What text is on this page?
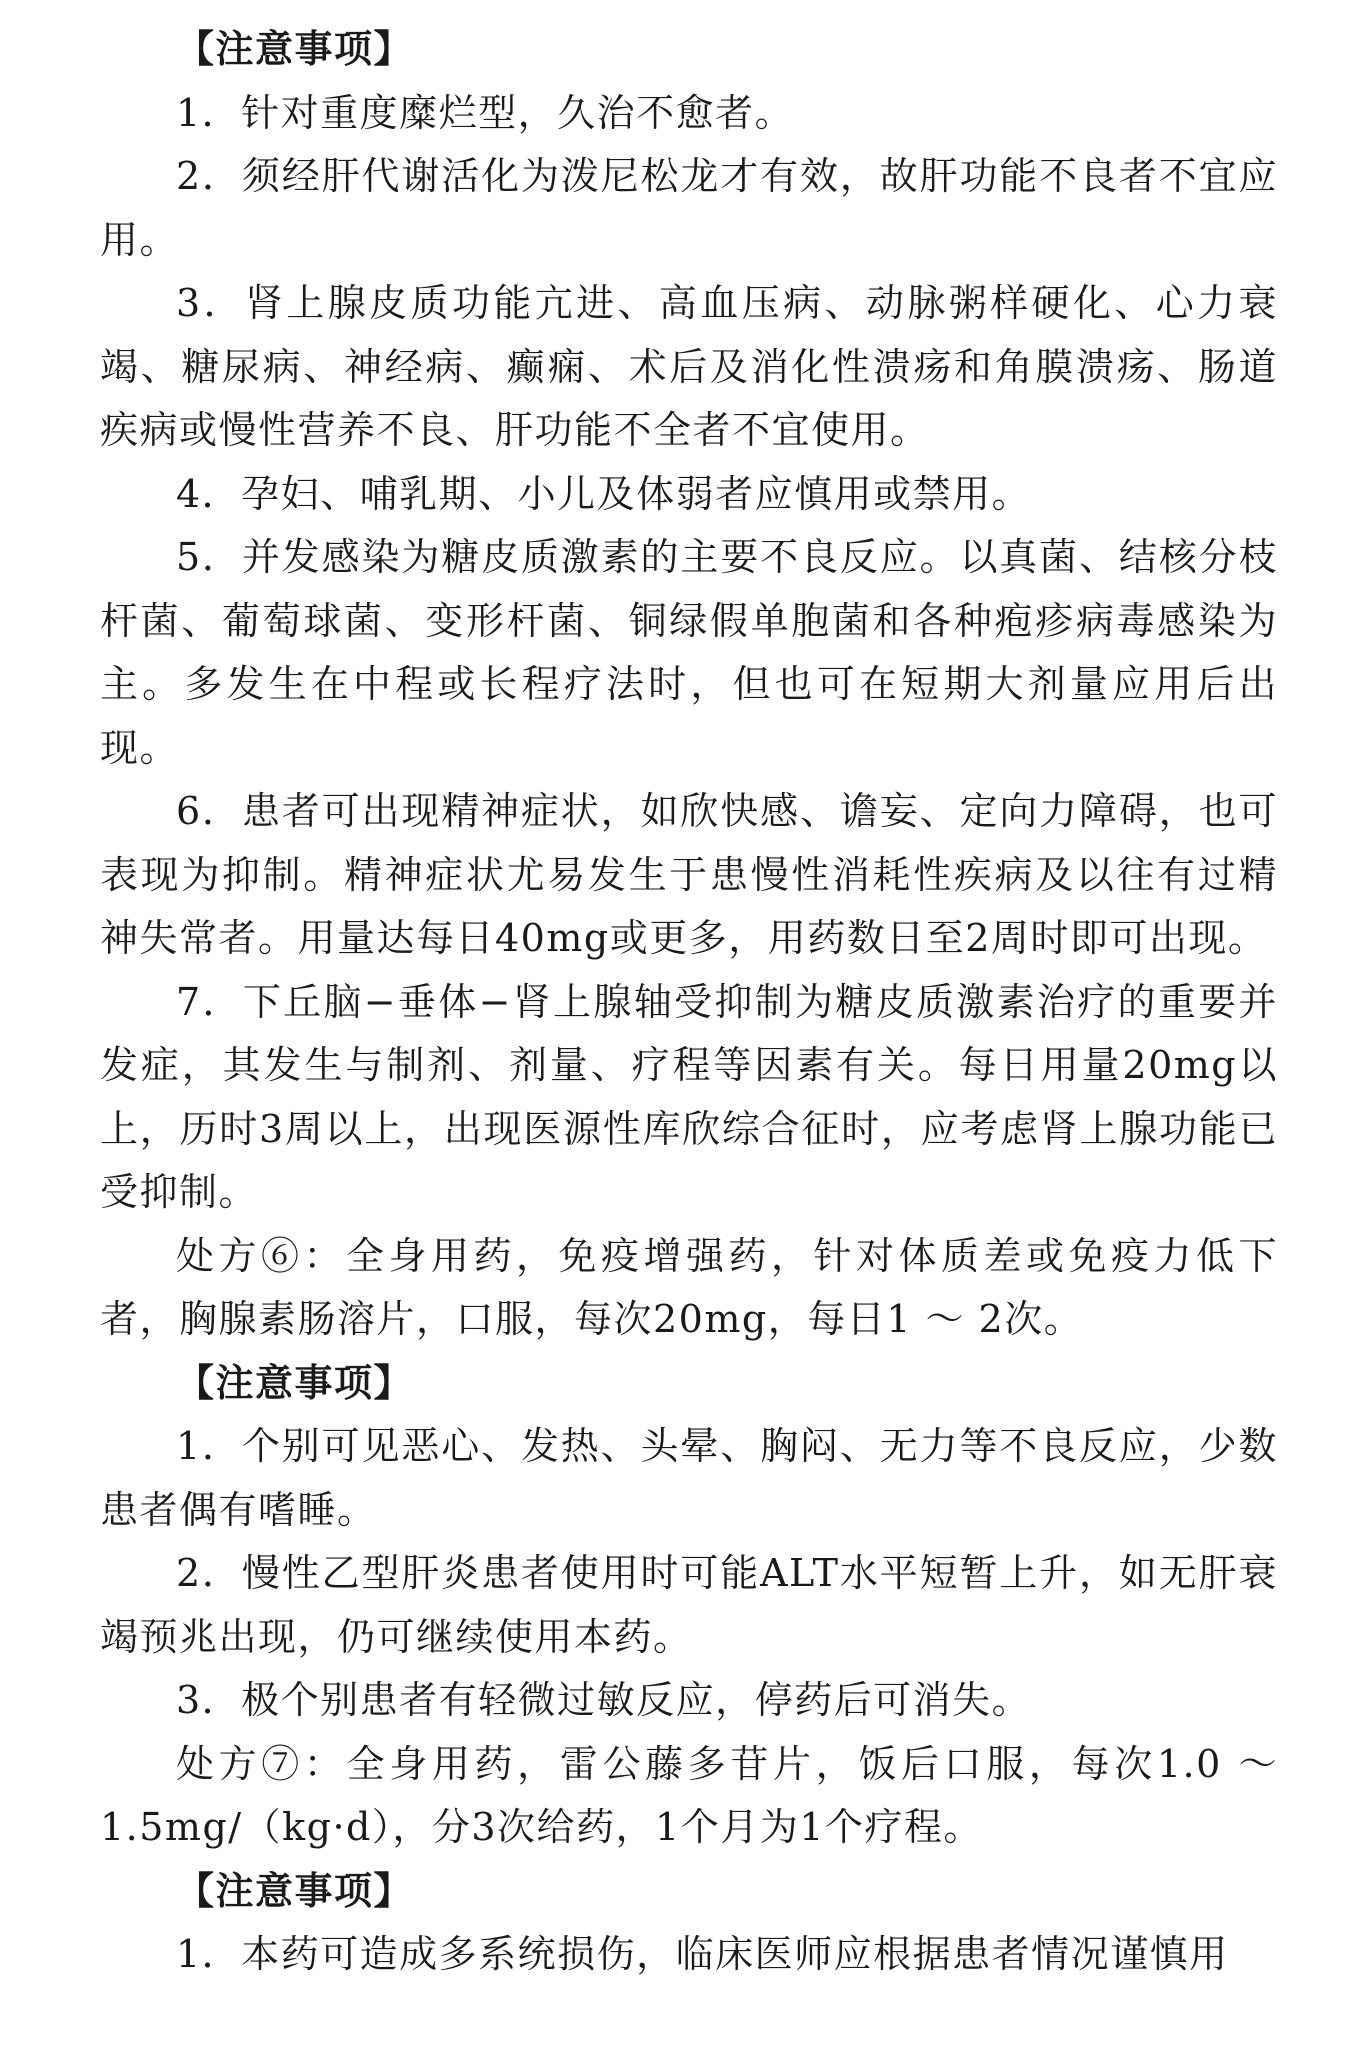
【注意事项】

1．针对重度糜烂型，久治不愈者。

2．须经肝代谢活化为泼尼松龙才有效，故肝功能不良者不宜应用。

3．肾上腺皮质功能亢进、高血压病、动脉粥样硬化、心力衰竭、糖尿病、神经病、癫痫、术后及消化性溃疡和角膜溃疡、肠道疾病或慢性营养不良、肝功能不全者不宜使用。

4．孕妇、哺乳期、小儿及体弱者应慎用或禁用。

5．并发感染为糖皮质激素的主要不良反应。以真菌、结核分枝杆菌、葡萄球菌、变形杆菌、铜绿假单胞菌和各种疱疹病毒感染为主。多发生在中程或长程疗法时，但也可在短期大剂量应用后出现。

6．患者可出现精神症状，如欣快感、谵妄、定向力障碍，也可表现为抑制。精神症状尤易发生于患慢性消耗性疾病及以往有过精神失常者。用量达每日40mg或更多，用药数日至2周时即可出现。

7．下丘脑−垂体−肾上腺轴受抑制为糖皮质激素治疗的重要并发症，其发生与制剂、剂量、疗程等因素有关。每日用量20mg以上，历时3周以上，出现医源性库欣综合征时，应考虑肾上腺功能已受抑制。

处方⑥：全身用药，免疫增强药，针对体质差或免疫力低下者，胸腺素肠溶片，口服，每次20mg，每日1 ～ 2次。

【注意事项】

1．个别可见恶心、发热、头晕、胸闷、无力等不良反应，少数患者偶有嗜睡。

2．慢性乙型肝炎患者使用时可能ALT水平短暂上升，如无肝衰竭预兆出现，仍可继续使用本药。

3．极个别患者有轻微过敏反应，停药后可消失。

处方⑦：全身用药，雷公藤多苷片，饭后口服，每次1.0 ～ 1.5mg/（kg·d），分3次给药，1个月为1个疗程。

【注意事项】

1．本药可造成多系统损伤，临床医师应根据患者情况谨慎用
